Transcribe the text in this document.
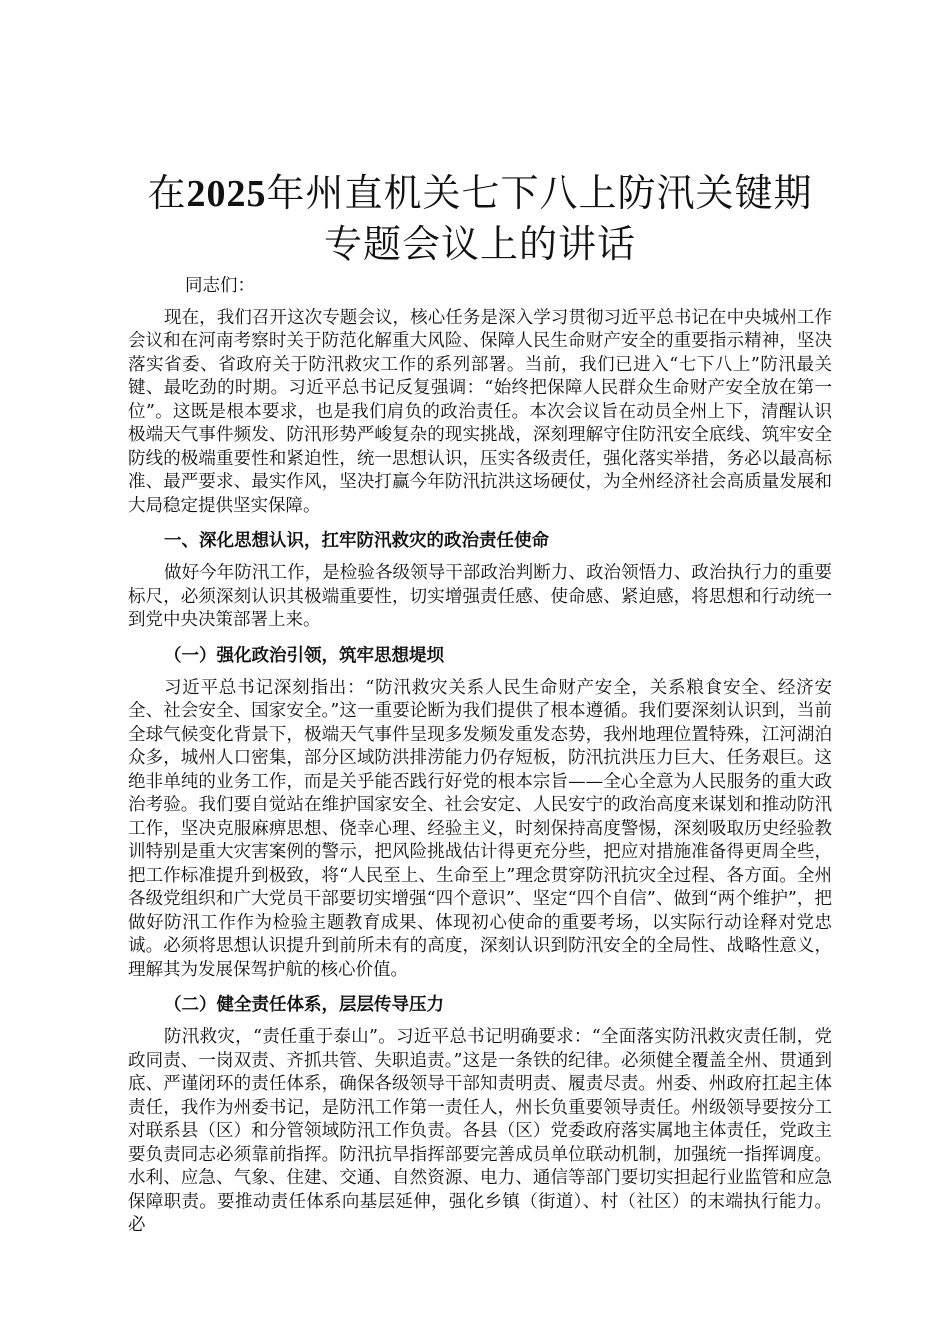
在2025年州直机关七下八上防汛关键期专题会议上的讲话
同志们：

现在，我们召开这次专题会议，核心任务是深入学习贯彻习近平总书记在中央城州工作会议和在河南考察时关于防范化解重大风险、保障人民生命财产安全的重要指示精神，坚决落实省委、省政府关于防汛救灾工作的系列部署。当前，我们已进入“七下八上”防汛最关键、最吃劲的时期。习近平总书记反复强调：“始终把保障人民群众生命财产安全放在第一位”。这既是根本要求，也是我们肩负的政治责任。本次会议旨在动员全州上下，清醒认识极端天气事件频发、防汛形势严峻复杂的现实挑战，深刻理解守住防汛安全底线、筑牢安全防线的极端重要性和紧迫性，统一思想认识，压实各级责任，强化落实举措，务必以最高标准、最严要求、最实作风，坚决打赢今年防汛抗洪这场硬仗，为全州经济社会高质量发展和大局稳定提供坚实保障。

一、深化思想认识，扛牢防汛救灾的政治责任使命

做好今年防汛工作，是检验各级领导干部政治判断力、政治领悟力、政治执行力的重要标尺，必须深刻认识其极端重要性，切实增强责任感、使命感、紧迫感，将思想和行动统一到党中央决策部署上来。

（一）强化政治引领，筑牢思想堤坝

习近平总书记深刻指出：“防汛救灾关系人民生命财产安全，关系粮食安全、经济安全、社会安全、国家安全。”这一重要论断为我们提供了根本遵循。我们要深刻认识到，当前全球气候变化背景下，极端天气事件呈现多发频发重发态势，我州地理位置特殊，江河湖泊众多，城州人口密集，部分区域防洪排涝能力仍存短板，防汛抗洪压力巨大、任务艰巨。这绝非单纯的业务工作，而是关乎能否践行好党的根本宗旨——全心全意为人民服务的重大政治考验。我们要自觉站在维护国家安全、社会安定、人民安宁的政治高度来谋划和推动防汛工作，坚决克服麻痹思想、侥幸心理、经验主义，时刻保持高度警惕，深刻吸取历史经验教训特别是重大灾害案例的警示，把风险挑战估计得更充分些，把应对措施准备得更周全些，把工作标准提升到极致，将“人民至上、生命至上”理念贯穿防汛抗灾全过程、各方面。全州各级党组织和广大党员干部要切实增强“四个意识”、坚定“四个自信”、做到“两个维护”，把做好防汛工作作为检验主题教育成果、体现初心使命的重要考场，以实际行动诠释对党忠诚。必须将思想认识提升到前所未有的高度，深刻认识到防汛安全的全局性、战略性意义，理解其为发展保驾护航的核心价值。

（二）健全责任体系，层层传导压力

防汛救灾，“责任重于泰山”。习近平总书记明确要求：“全面落实防汛救灾责任制，党政同责、一岗双责、齐抓共管、失职追责。”这是一条铁的纪律。必须健全覆盖全州、贯通到底、严谨闭环的责任体系，确保各级领导干部知责明责、履责尽责。州委、州政府扛起主体责任，我作为州委书记，是防汛工作第一责任人，州长负重要领导责任。州级领导要按分工对联系县（区）和分管领域防汛工作负责。各县（区）党委政府落实属地主体责任，党政主要负责同志必须靠前指挥。防汛抗旱指挥部要完善成员单位联动机制，加强统一指挥调度。水利、应急、气象、住建、交通、自然资源、电力、通信等部门要切实担起行业监管和应急保障职责。要推动责任体系向基层延伸，强化乡镇（街道）、村（社区）的末端执行能力。必
